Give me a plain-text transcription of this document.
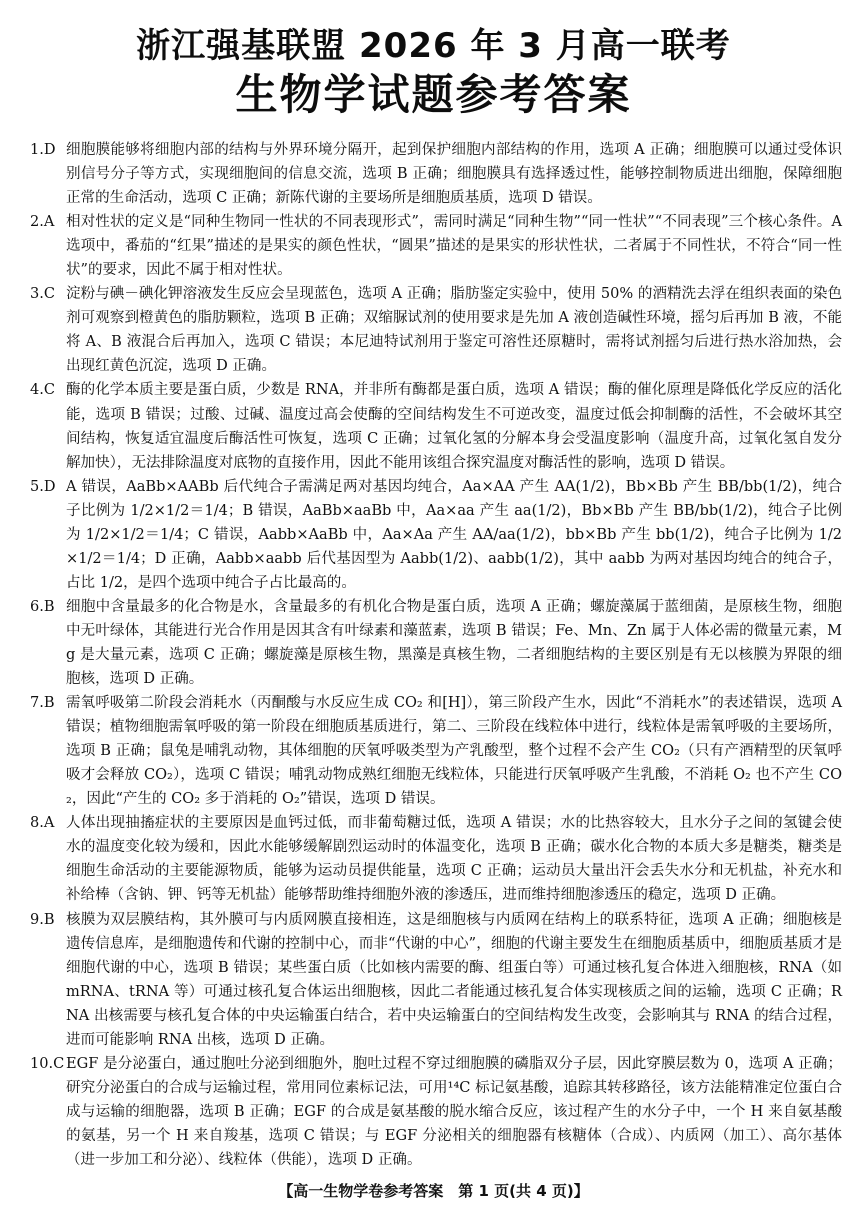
浙江强基联盟 2026 年 3 月高一联考
生物学试题参考答案
1.D 细胞膜能够将细胞内部的结构与外界环境分隔开，起到保护细胞内部结构的作用，选项 A 正确；细胞膜可以通过受体识别信号分子等方式，实现细胞间的信息交流，选项 B 正确；细胞膜具有选择透过性，能够控制物质进出细胞，保障细胞正常的生命活动，选项 C 正确；新陈代谢的主要场所是细胞质基质，选项 D 错误。
2.A 相对性状的定义是“同种生物同一性状的不同表现形式”，需同时满足“同种生物”“同一性状”“不同表现”三个核心条件。A 选项中，番茄的“红果”描述的是果实的颜色性状，“圆果”描述的是果实的形状性状，二者属于不同性状，不符合“同一性状”的要求，因此不属于相对性状。
3.C 淀粉与碘－碘化钾溶液发生反应会呈现蓝色，选项 A 正确；脂肪鉴定实验中，使用 50% 的酒精洗去浮在组织表面的染色剂可观察到橙黄色的脂肪颗粒，选项 B 正确；双缩脲试剂的使用要求是先加 A 液创造碱性环境，摇匀后再加 B 液，不能将 A、B 液混合后再加入，选项 C 错误；本尼迪特试剂用于鉴定可溶性还原糖时，需将试剂摇匀后进行热水浴加热，会出现红黄色沉淀，选项 D 正确。
4.C 酶的化学本质主要是蛋白质，少数是 RNA，并非所有酶都是蛋白质，选项 A 错误；酶的催化原理是降低化学反应的活化能，选项 B 错误；过酸、过碱、温度过高会使酶的空间结构发生不可逆改变，温度过低会抑制酶的活性，不会破坏其空间结构，恢复适宜温度后酶活性可恢复，选项 C 正确；过氧化氢的分解本身会受温度影响（温度升高，过氧化氢自发分解加快），无法排除温度对底物的直接作用，因此不能用该组合探究温度对酶活性的影响，选项 D 错误。
5.D A 错误，AaBb×AABb 后代纯合子需满足两对基因均纯合，Aa×AA 产生 AA(1/2)，Bb×Bb 产生 BB/bb(1/2)，纯合子比例为 1/2×1/2＝1/4；B 错误，AaBb×aaBb 中，Aa×aa 产生 aa(1/2)，Bb×Bb 产生 BB/bb(1/2)，纯合子比例为 1/2×1/2＝1/4；C 错误，Aabb×AaBb 中，Aa×Aa 产生 AA/aa(1/2)，bb×Bb 产生 bb(1/2)，纯合子比例为 1/2×1/2＝1/4；D 正确，Aabb×aabb 后代基因型为 Aabb(1/2)、aabb(1/2)，其中 aabb 为两对基因均纯合的纯合子，占比 1/2，是四个选项中纯合子占比最高的。
6.B 细胞中含量最多的化合物是水，含量最多的有机化合物是蛋白质，选项 A 正确；螺旋藻属于蓝细菌，是原核生物，细胞中无叶绿体，其能进行光合作用是因其含有叶绿素和藻蓝素，选项 B 错误；Fe、Mn、Zn 属于人体必需的微量元素，Mg 是大量元素，选项 C 正确；螺旋藻是原核生物，黑藻是真核生物，二者细胞结构的主要区别是有无以核膜为界限的细胞核，选项 D 正确。
7.B 需氧呼吸第二阶段会消耗水（丙酮酸与水反应生成 CO₂ 和[H]），第三阶段产生水，因此“不消耗水”的表述错误，选项 A 错误；植物细胞需氧呼吸的第一阶段在细胞质基质进行，第二、三阶段在线粒体中进行，线粒体是需氧呼吸的主要场所，选项 B 正确；鼠兔是哺乳动物，其体细胞的厌氧呼吸类型为产乳酸型，整个过程不会产生 CO₂（只有产酒精型的厌氧呼吸才会释放 CO₂），选项 C 错误；哺乳动物成熟红细胞无线粒体，只能进行厌氧呼吸产生乳酸，不消耗 O₂ 也不产生 CO₂，因此“产生的 CO₂ 多于消耗的 O₂”错误，选项 D 错误。
8.A 人体出现抽搐症状的主要原因是血钙过低，而非葡萄糖过低，选项 A 错误；水的比热容较大，且水分子之间的氢键会使水的温度变化较为缓和，因此水能够缓解剧烈运动时的体温变化，选项 B 正确；碳水化合物的本质大多是糖类，糖类是细胞生命活动的主要能源物质，能够为运动员提供能量，选项 C 正确；运动员大量出汗会丢失水分和无机盐，补充水和补给棒（含钠、钾、钙等无机盐）能够帮助维持细胞外液的渗透压，进而维持细胞渗透压的稳定，选项 D 正确。
9.B 核膜为双层膜结构，其外膜可与内质网膜直接相连，这是细胞核与内质网在结构上的联系特征，选项 A 正确；细胞核是遗传信息库，是细胞遗传和代谢的控制中心，而非“代谢的中心”，细胞的代谢主要发生在细胞质基质中，细胞质基质才是细胞代谢的中心，选项 B 错误；某些蛋白质（比如核内需要的酶、组蛋白等）可通过核孔复合体进入细胞核，RNA（如 mRNA、tRNA 等）可通过核孔复合体运出细胞核，因此二者能通过核孔复合体实现核质之间的运输，选项 C 正确；RNA 出核需要与核孔复合体的中央运输蛋白结合，若中央运输蛋白的空间结构发生改变，会影响其与 RNA 的结合过程，进而可能影响 RNA 出核，选项 D 正确。
10.C EGF 是分泌蛋白，通过胞吐分泌到细胞外，胞吐过程不穿过细胞膜的磷脂双分子层，因此穿膜层数为 0，选项 A 正确；研究分泌蛋白的合成与运输过程，常用同位素标记法，可用¹⁴C 标记氨基酸，追踪其转移路径，该方法能精准定位蛋白合成与运输的细胞器，选项 B 正确；EGF 的合成是氨基酸的脱水缩合反应，该过程产生的水分子中，一个 H 来自氨基酸的氨基，另一个 H 来自羧基，选项 C 错误；与 EGF 分泌相关的细胞器有核糖体（合成）、内质网（加工）、高尔基体（进一步加工和分泌）、线粒体（供能），选项 D 正确。
【高一生物学卷参考答案　第 1 页(共 4 页)】
